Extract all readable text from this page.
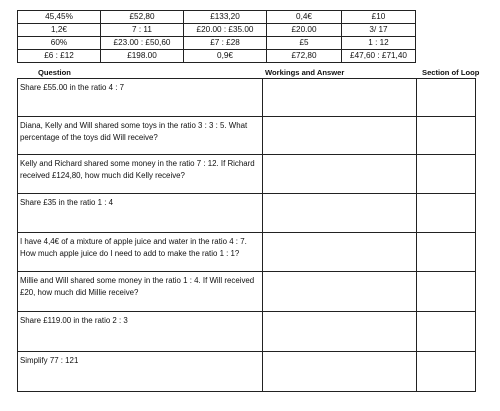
45,45%	£52,80	£133,20	0,4€	£10
1,2€	7 : 11	£20.00 : £35.00	£20.00	3/ 17
60%	£23.00 : £50,60	£7 : £28	£5	1 : 12
£6 : £12	£198.00	0,9€	£72,80	£47,60 : £71,40
Question	Workings and Answer	Section of Loop
Share £55.00 in the ratio 4 : 7		
Diana, Kelly and Will shared some toys in the ratio 3 : 3 : 5. What percentage of the toys did Will receive?		
Kelly and Richard shared some money in the ratio 7 : 12. If Richard received £124,80, how much did Kelly receive?		
Share £35 in the ratio 1 : 4		
I have 4,4€ of a mixture of apple juice and water in the ratio 4 : 7. How much apple juice do I need to add to make the ratio 1 : 1?		
Millie and Will shared some money in the ratio 1 : 4. If Will received £20, how much did Millie receive?		
Share £119.00 in the ratio 2 : 3		
Simplify 77 : 121		
